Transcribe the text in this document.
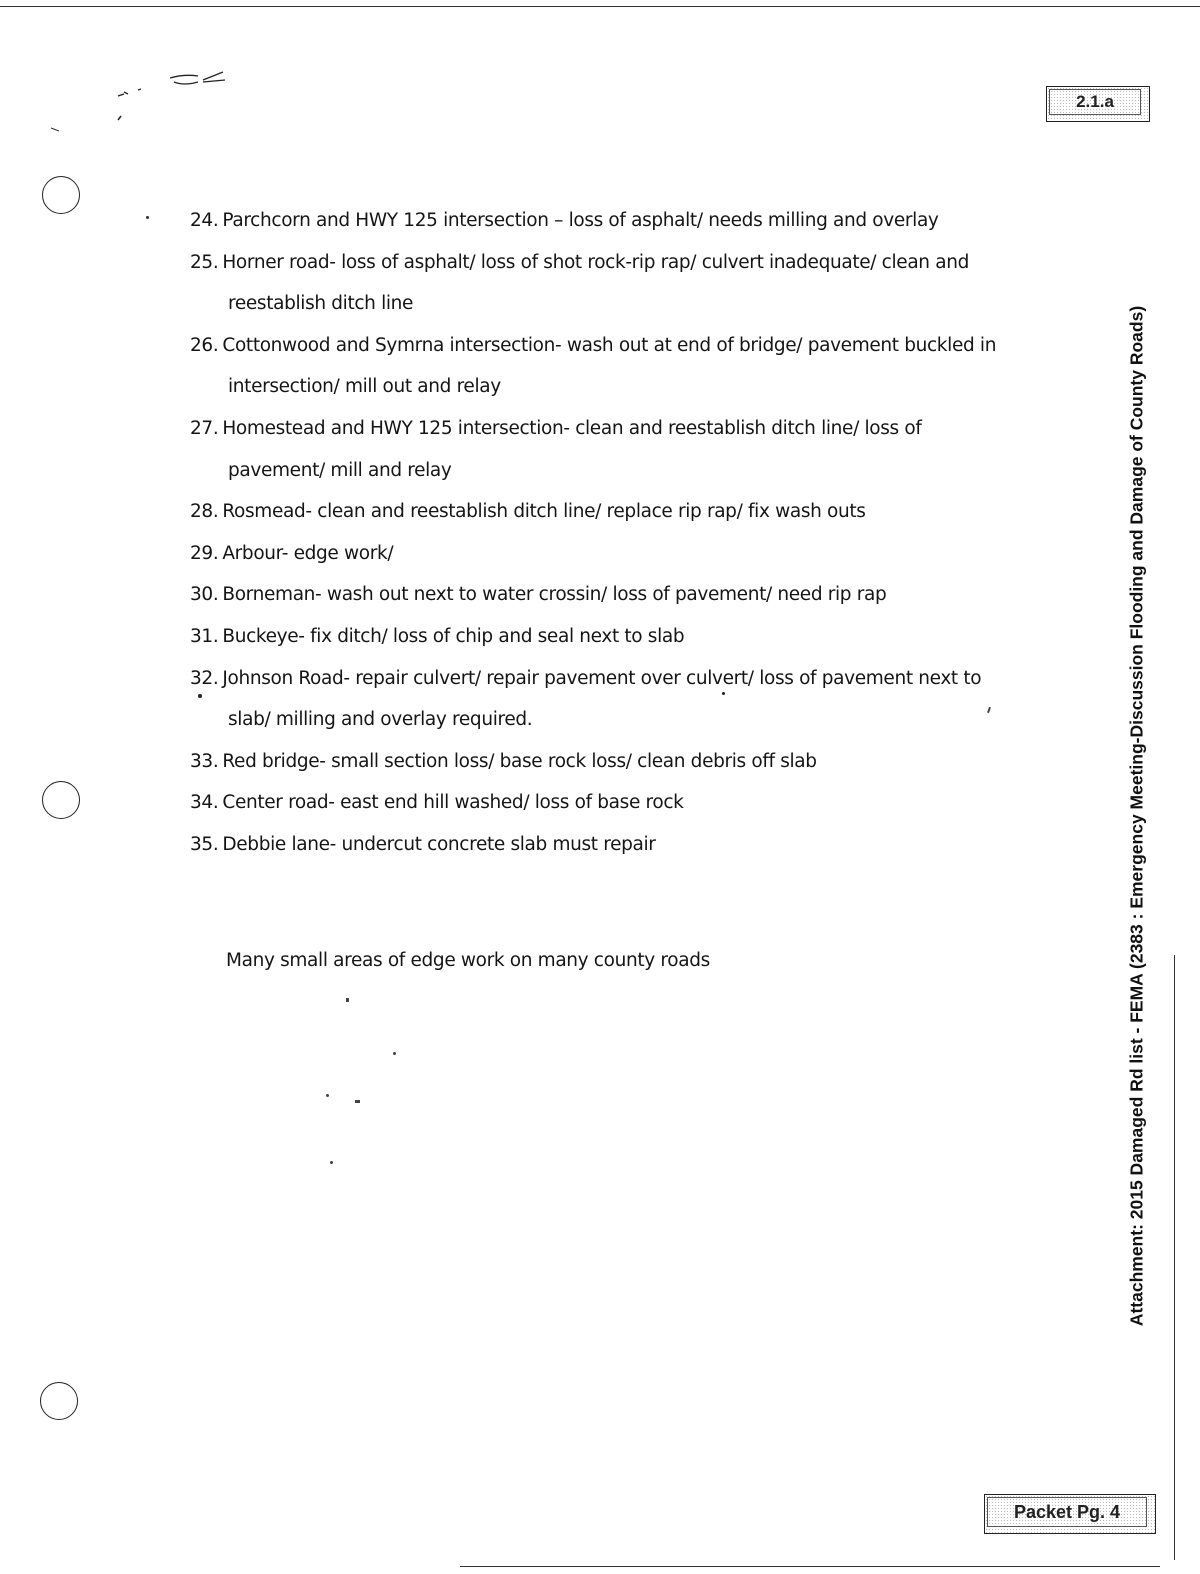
2.1.a
24. Parchcorn and HWY 125 intersection – loss of asphalt/ needs milling and overlay
25. Horner road- loss of asphalt/ loss of shot rock-rip rap/ culvert inadequate/ clean and
reestablish ditch line
26. Cottonwood and Symrna intersection- wash out at end of bridge/ pavement buckled in
intersection/ mill out and relay
27. Homestead and HWY 125 intersection- clean and reestablish ditch line/ loss of
pavement/ mill and relay
28. Rosmead- clean and reestablish ditch line/ replace rip rap/ fix wash outs
29. Arbour- edge work/
30. Borneman- wash out next to water crossin/ loss of pavement/ need rip rap
31. Buckeye- fix ditch/ loss of chip and seal next to slab
32. Johnson Road- repair culvert/ repair pavement over culvert/ loss of pavement next to
slab/ milling and overlay required.
33. Red bridge- small section loss/ base rock loss/ clean debris off slab
34. Center road- east end hill washed/ loss of base rock
35. Debbie lane- undercut concrete slab must repair
Many small areas of edge work on many county roads	Attachment: 2015 Damaged Rd list - FEMA (2383 : Emergency Meeting-Discussion Flooding and Damage of County Roads)
Packet Pg. 4
